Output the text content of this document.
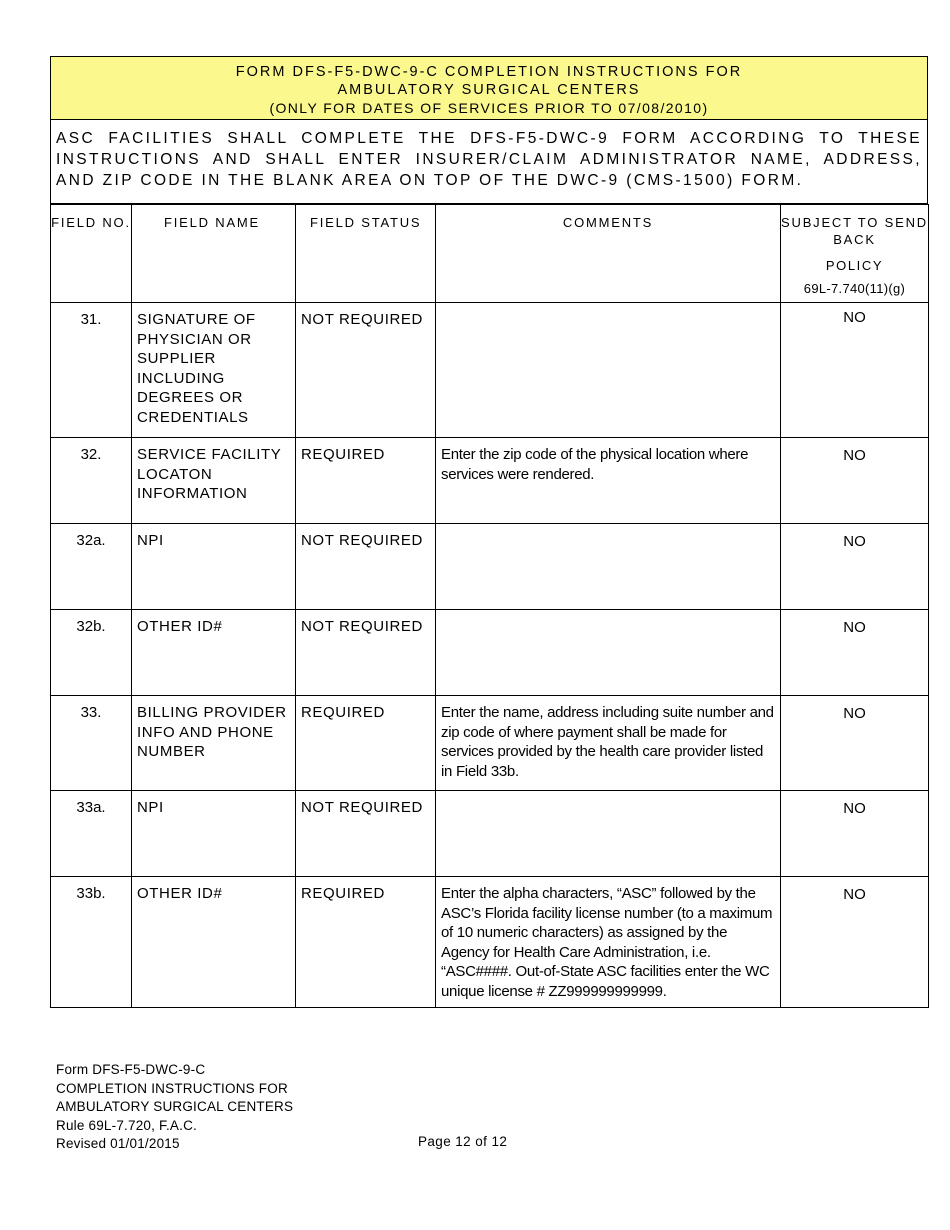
FORM DFS-F5-DWC-9-C COMPLETION INSTRUCTIONS FOR
AMBULATORY SURGICAL CENTERS
(ONLY FOR DATES OF SERVICES PRIOR TO 07/08/2010)
ASC FACILITIES SHALL COMPLETE THE DFS-F5-DWC-9 FORM ACCORDING TO THESE INSTRUCTIONS AND SHALL ENTER INSURER/CLAIM ADMINISTRATOR NAME, ADDRESS, AND ZIP CODE IN THE BLANK AREA ON TOP OF THE DWC-9 (CMS-1500) FORM.
FIELD NO.	FIELD NAME	FIELD STATUS	COMMENTS	SUBJECT TO SEND BACK
POLICY
69L-7.740(11)(g)

31.	SIGNATURE OF PHYSICIAN OR SUPPLIER INCLUDING DEGREES OR CREDENTIALS	NOT REQUIRED		NO
32.	SERVICE FACILITY LOCATON INFORMATION	REQUIRED	Enter the zip code of the physical location where services were rendered.	NO
32a.	NPI	NOT REQUIRED		NO
32b.	OTHER ID#	NOT REQUIRED		NO
33.	BILLING PROVIDER INFO AND PHONE NUMBER	REQUIRED	Enter the name, address including suite number and zip code of where payment shall be made for services provided by the health care provider listed in Field 33b.	NO
33a.	NPI	NOT REQUIRED		NO
33b.	OTHER ID#	REQUIRED	Enter the alpha characters, “ASC” followed by the ASC’s Florida facility license number (to a maximum of 10 numeric characters) as assigned by the Agency for Health Care Administration, i.e. “ASC####. Out-of-State ASC facilities enter the WC unique license # ZZ999999999999.	NO
Form DFS-F5-DWC-9-C
COMPLETION INSTRUCTIONS FOR
AMBULATORY SURGICAL CENTERS
Rule 69L-7.720, F.A.C.
Revised 01/01/2015	Page 12 of 12
